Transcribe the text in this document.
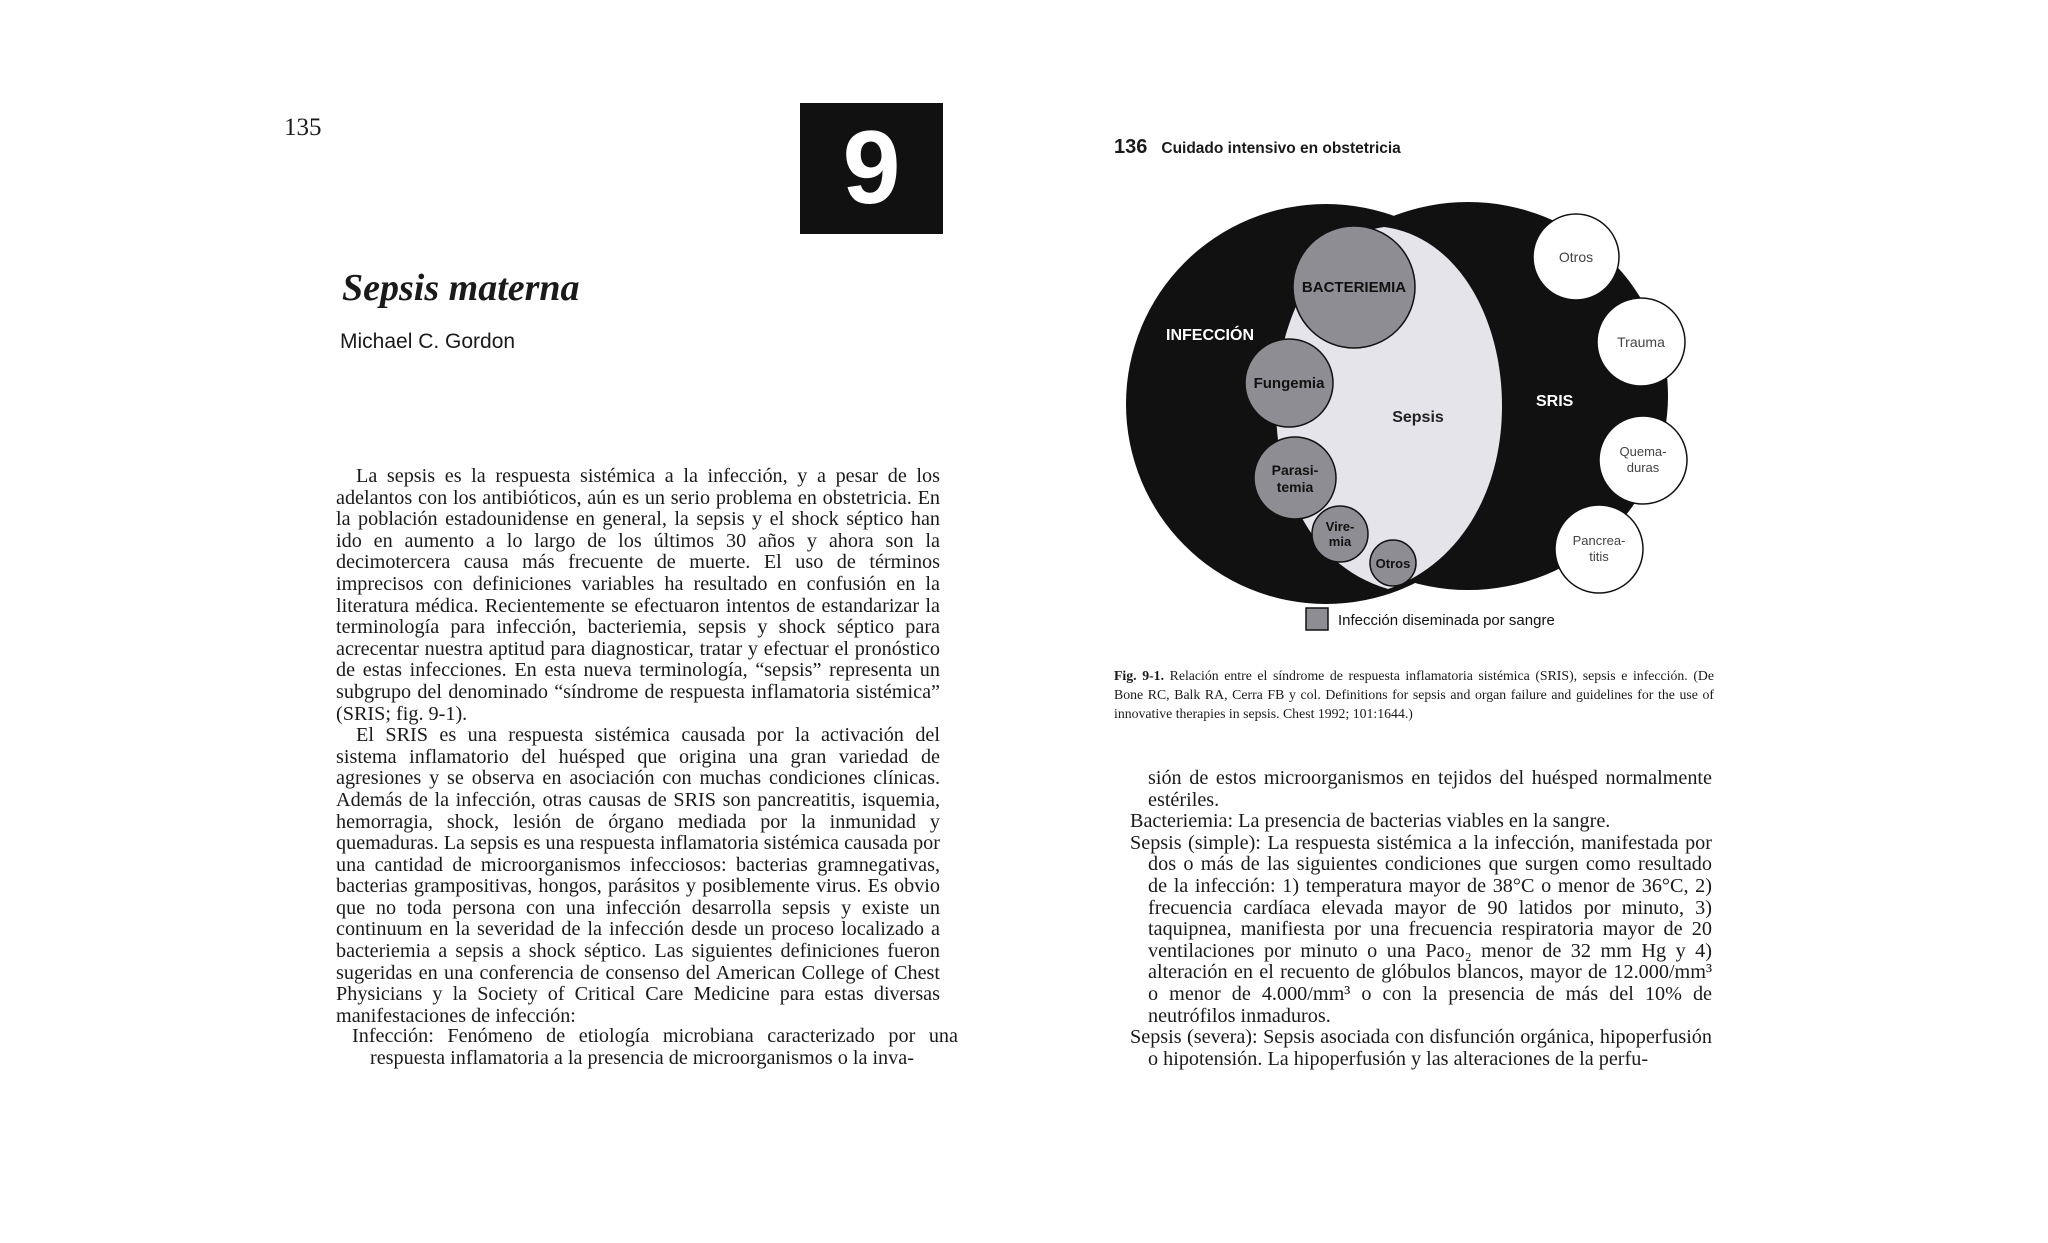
135	9
Sepsis materna
Michael C. Gordon

La sepsis es la respuesta sistémica a la infección, y a pesar de los adelantos con los antibióticos, aún es un serio problema en obstetricia. En la población estadounidense en general, la sepsis y el shock séptico han ido en aumento a lo largo de los últimos 30 años y ahora son la decimotercera causa más frecuente de muerte. El uso de términos imprecisos con definiciones variables ha resultado en confusión en la literatura médica. Recientemente se efectuaron intentos de estandarizar la terminología para infección, bacteriemia, sepsis y shock séptico para acrecentar nuestra aptitud para diagnosticar, tratar y efectuar el pronóstico de estas infecciones. En esta nueva terminología, “sepsis” representa un subgrupo del denominado “síndrome de respuesta inflamatoria sistémica” (SRIS; fig. 9-1).

El SRIS es una respuesta sistémica causada por la activación del sistema inflamatorio del huésped que origina una gran variedad de agresiones y se observa en asociación con muchas condiciones clínicas. Además de la infección, otras causas de SRIS son pancreatitis, isquemia, hemorragia, shock, lesión de órgano mediada por la inmunidad y quemaduras. La sepsis es una respuesta inflamatoria sistémica causada por una cantidad de microorganismos infecciosos: bacterias gramnegativas, bacterias grampositivas, hongos, parásitos y posiblemente virus. Es obvio que no toda persona con una infección desarrolla sepsis y existe un continuum en la severidad de la infección desde un proceso localizado a bacteriemia a sepsis a shock séptico. Las siguientes definiciones fueron sugeridas en una conferencia de consenso del American College of Chest Physicians y la Society of Critical Care Medicine para estas diversas manifestaciones de infección:

Infección: Fenómeno de etiología microbiana caracterizado por una respuesta inflamatoria a la presencia de microorganismos o la inva-
136 Cuidado intensivo en obstetricia
INFECCIÓN
SRIS
Sepsis
BACTERIEMIA
Fungemia
Parasi-
temia
Vire-
mia
Otros
Otros
Trauma
Quema-
duras
Pancrea-
titis
Infección diseminada por sangre
Fig. 9-1. Relación entre el síndrome de respuesta inflamatoria sistémica (SRIS), sepsis e infección. (De Bone RC, Balk RA, Cerra FB y col. Definitions for sepsis and organ failure and guidelines for the use of innovative therapies in sepsis. Chest 1992; 101:1644.)

sión de estos microorganismos en tejidos del huésped normalmente estériles.

Bacteriemia: La presencia de bacterias viables en la sangre.

Sepsis (simple): La respuesta sistémica a la infección, manifestada por dos o más de las siguientes condiciones que surgen como resultado de la infección: 1) temperatura mayor de 38°C o menor de 36°C, 2) frecuencia cardíaca elevada mayor de 90 latidos por minuto, 3) taquipnea, manifiesta por una frecuencia respiratoria mayor de 20 ventilaciones por minuto o una Paco₂ menor de 32 mm Hg y 4) alteración en el recuento de glóbulos blancos, mayor de 12.000/mm³ o menor de 4.000/mm³ o con la presencia de más del 10% de neutrófilos inmaduros.

Sepsis (severa): Sepsis asociada con disfunción orgánica, hipoperfusión o hipotensión. La hipoperfusión y las alteraciones de la perfu-
